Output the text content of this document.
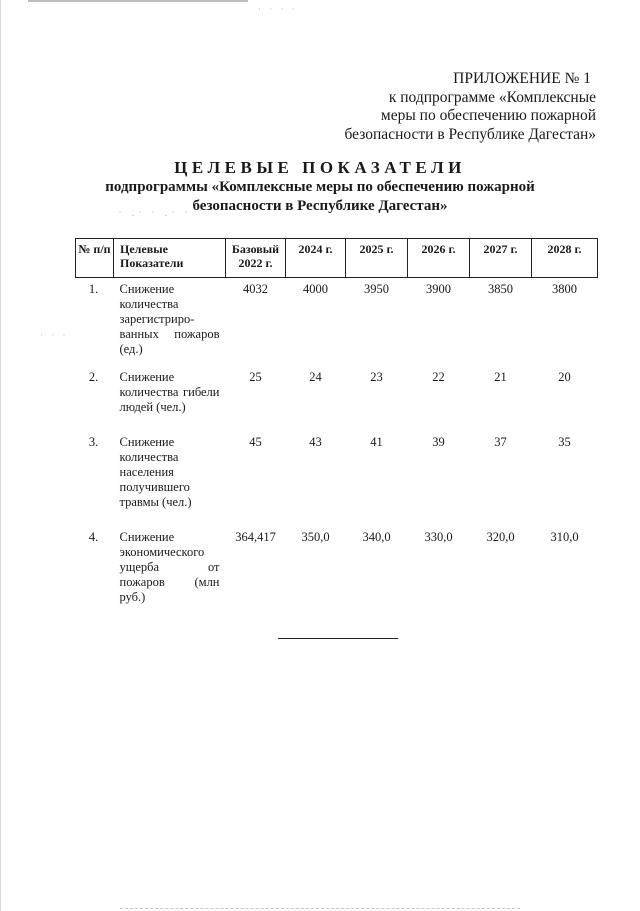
· · · ·
˙ ·˙ ˙ ·˙ ˙
· · ·
ПРИЛОЖЕНИЕ № 1
к подпрограмме «Комплексные
меры по обеспечению пожарной
безопасности в Республике Дагестан»
ЦЕЛЕВЫЕ ПОКАЗАТЕЛИ
подпрограммы «Комплексные меры по обеспечению пожарной
безопасности в Республике Дагестан»
№ п/п	Целевые Показатели	Базовый 2022 г.	2024 г.	2025 г.	2026 г.	2027 г.	2028 г.
1.	Снижение количества зарегистриро-ванных пожаров (ед.)	4032	4000	3950	3900	3850	3800
2.	Снижение количества гибели людей (чел.)	25	24	23	22	21	20
3.	Снижение количества населения получившего травмы (чел.)	45	43	41	39	37	35
4.	Снижение экономического ущерба от пожаров (млн руб.)	364,417	350,0	340,0	330,0	320,0	310,0
